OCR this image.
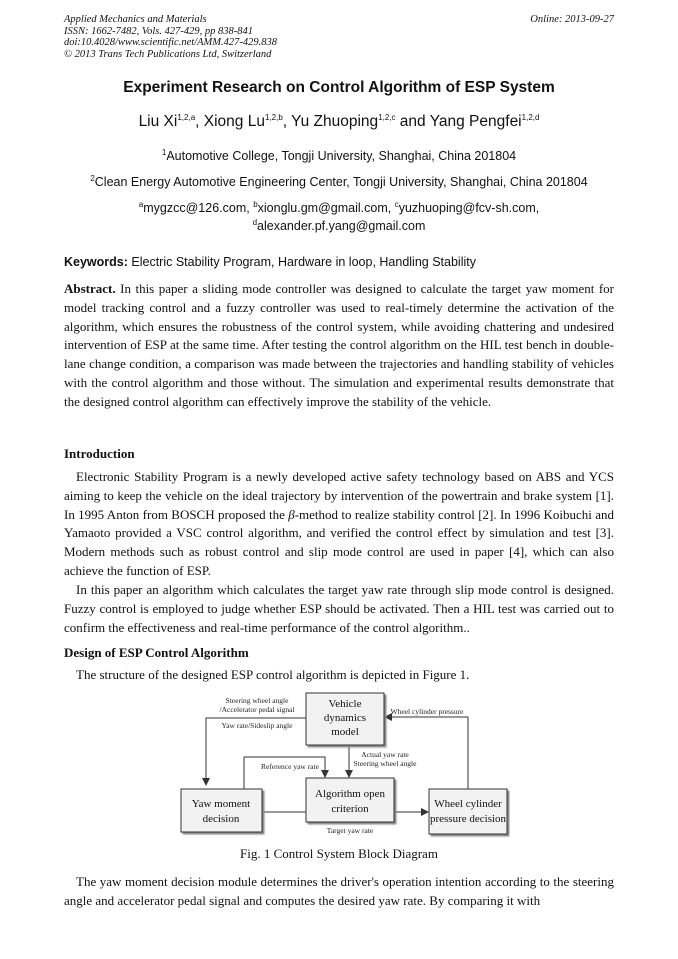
Applied Mechanics and Materials
ISSN: 1662-7482, Vols. 427-429, pp 838-841
doi:10.4028/www.scientific.net/AMM.427-429.838
© 2013 Trans Tech Publications Ltd, Switzerland
Online: 2013-09-27
Experiment Research on Control Algorithm of ESP System
Liu Xi$^{1,2,a}$, Xiong Lu$^{1,2,b}$, Yu Zhuoping$^{1,2,c}$ and Yang Pengfei$^{1,2,d}$
$^1$Automotive College, Tongji University, Shanghai, China 201804
$^2$Clean Energy Automotive Engineering Center, Tongji University, Shanghai, China 201804
$^a$mygzcc@126.com, $^b$xionglu.gm@gmail.com, $^c$yuzhuoping@fcv-sh.com,
$^d$alexander.pf.yang@gmail.com
Keywords: Electric Stability Program, Hardware in loop, Handling Stability
Abstract. In this paper a sliding mode controller was designed to calculate the target yaw moment for model tracking control and a fuzzy controller was used to real-timely determine the activation of the algorithm, which ensures the robustness of the control system, while avoiding chattering and undesired intervention of ESP at the same time. After testing the control algorithm on the HIL test bench in double-lane change condition, a comparison was made between the trajectories and handling stability of vehicles with the control algorithm and those without. The simulation and experimental results demonstrate that the designed control algorithm can effectively improve the stability of the vehicle.
Introduction
Electronic Stability Program is a newly developed active safety technology based on ABS and YCS aiming to keep the vehicle on the ideal trajectory by intervention of the powertrain and brake system [1]. In 1995 Anton from BOSCH proposed the β-method to realize stability control [2]. In 1996 Koibuchi and Yamaoto provided a VSC control algorithm, and verified the control effect by simulation and test [3]. Modern methods such as robust control and slip mode control are used in paper [4], which can also achieve the function of ESP.
In this paper an algorithm which calculates the target yaw rate through slip mode control is designed. Fuzzy control is employed to judge whether ESP should be activated. Then a HIL test was carried out to confirm the effectiveness and real-time performance of the control algorithm..
Design of ESP Control Algorithm
The structure of the designed ESP control algorithm is depicted in Figure 1.
Vehicle
dynamics
model
Yaw moment
decision
Algorithm open
criterion	Wheel cylinder
pressure decision
Steering wheel angle
/Accelerator pedal signal
Yaw rate/Sideslip angle
Wheel cylinder pressure
Reference yaw rate
Actual yaw rate
Steering wheel angle
Target yaw rate
Fig. 1 Control System Block Diagram
The yaw moment decision module determines the driver's operation intention according to the steering angle and accelerator pedal signal and computes the desired yaw rate. By comparing it with
